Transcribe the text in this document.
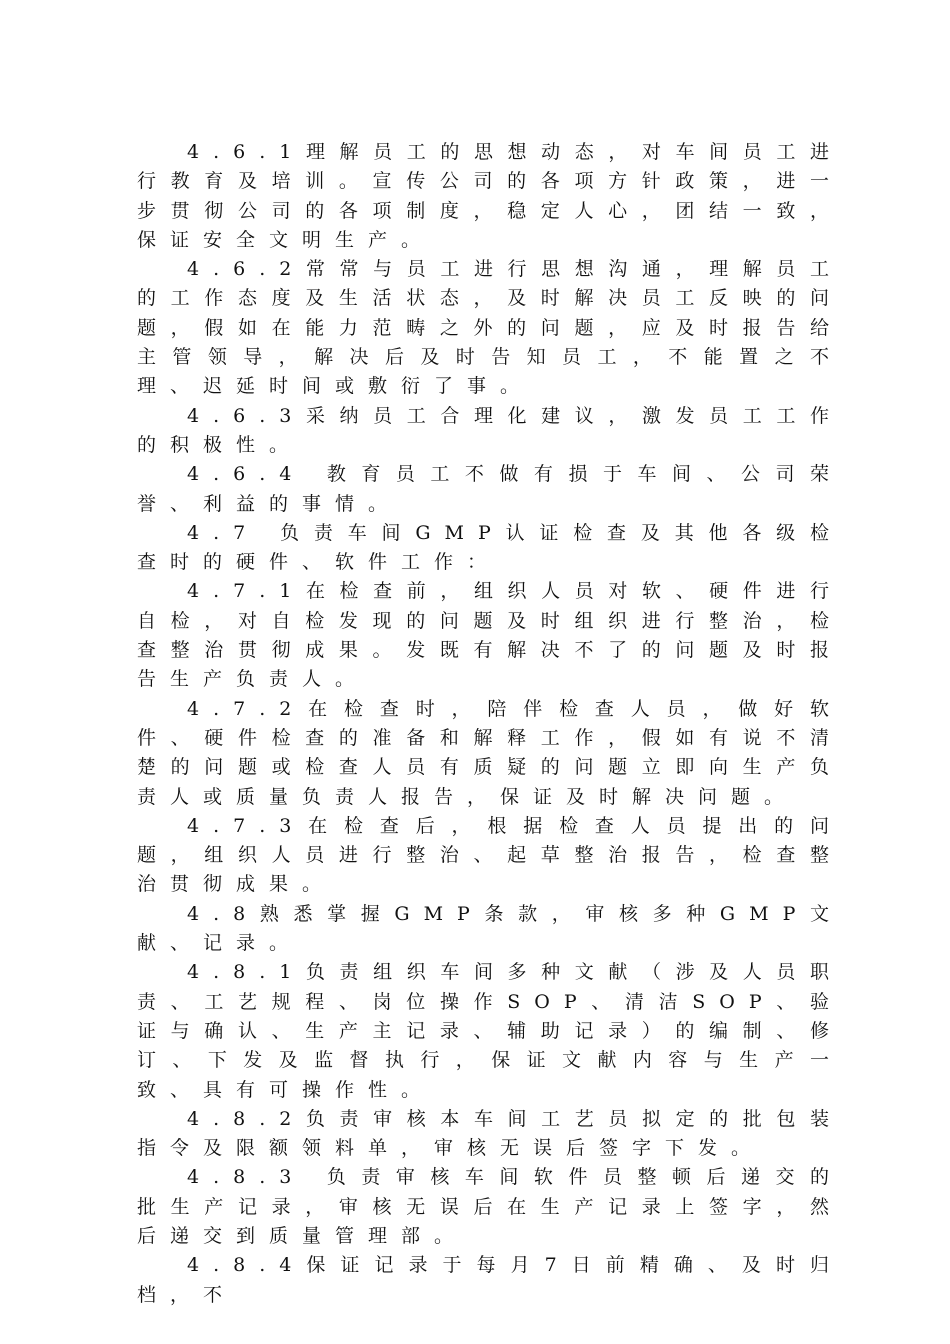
4.6.1理解员工的思想动态，对车间员工进行教育及培训。宣传公司的各项方针政策，进一步贯彻公司的各项制度，稳定人心，团结一致，保证安全文明生产。

4.6.2常常与员工进行思想沟通，理解员工的工作态度及生活状态，及时解决员工反映的问题，假如在能力范畴之外的问题，应及时报告给主管领导，解决后及时告知员工，不能置之不理、迟延时间或敷衍了事。

4.6.3采纳员工合理化建议，激发员工工作的积极性。

4.6.4 教育员工不做有损于车间、公司荣誉、利益的事情。

4.7 负责车间GMP认证检查及其他各级检查时的硬件、软件工作：

4.7.1在检查前，组织人员对软、硬件进行自检，对自检发现的问题及时组织进行整治，检查整治贯彻成果。发既有解决不了的问题及时报告生产负责人。

4.7.2在检查时，陪伴检查人员，做好软件、硬件检查的准备和解释工作，假如有说不清楚的问题或检查人员有质疑的问题立即向生产负责人或质量负责人报告，保证及时解决问题。

4.7.3在检查后，根据检查人员提出的问题，组织人员进行整治、起草整治报告，检查整治贯彻成果。

4.8熟悉掌握GMP条款，审核多种GMP文献、记录。

4.8.1负责组织车间多种文献（涉及人员职责、工艺规程、岗位操作SOP、清洁SOP、验证与确认、生产主记录、辅助记录）的编制、修订、下发及监督执行，保证文献内容与生产一致、具有可操作性。

4.8.2负责审核本车间工艺员拟定的批包装指令及限额领料单，审核无误后签字下发。

4.8.3 负责审核车间软件员整顿后递交的批生产记录，审核无误后在生产记录上签字，然后递交到质量管理部。

4.8.4保证记录于每月7日前精确、及时归档，不
